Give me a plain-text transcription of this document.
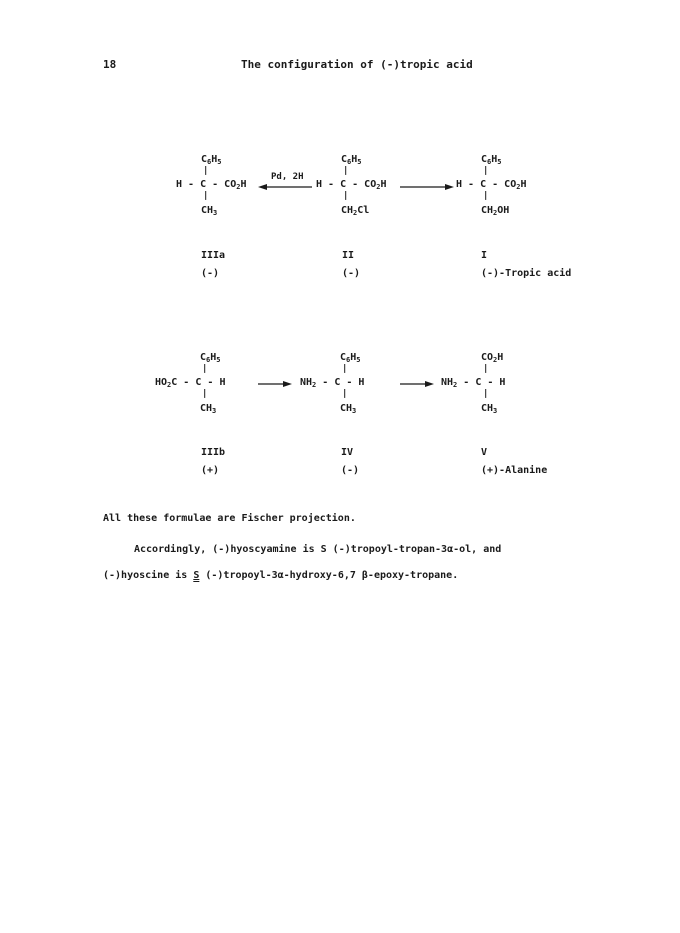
18	The configuration of (-)tropic acid
$C_6H_5$
|
H - C - $CO_2H$
|
$CH_3$
IIIa
(-)
Pd, 2H
$C_6H_5$
|
H - C - $CO_2H$
|
$CH_2Cl$
II
(-)
$C_6H_5$
|
H - C - $CO_2H$
|
$CH_2OH$
I
(-)-Tropic acid
$C_6H_5$
|
$HO_2C$ - C - H
|
$CH_3$
IIIb
(+)
$C_6H_5$
|
$NH_2$ - C - H
|
$CH_3$
IV
(-)
$CO_2H$
|
$NH_2$ - C - H
|
$CH_3$
V
(+)-Alanine
All these formulae are Fischer projection.
Accordingly, (-)hyoscyamine is S (-)tropoyl-tropan-3α-ol, and
(-)hyoscine is S (-)tropoyl-3α-hydroxy-6,7 β-epoxy-tropane.
